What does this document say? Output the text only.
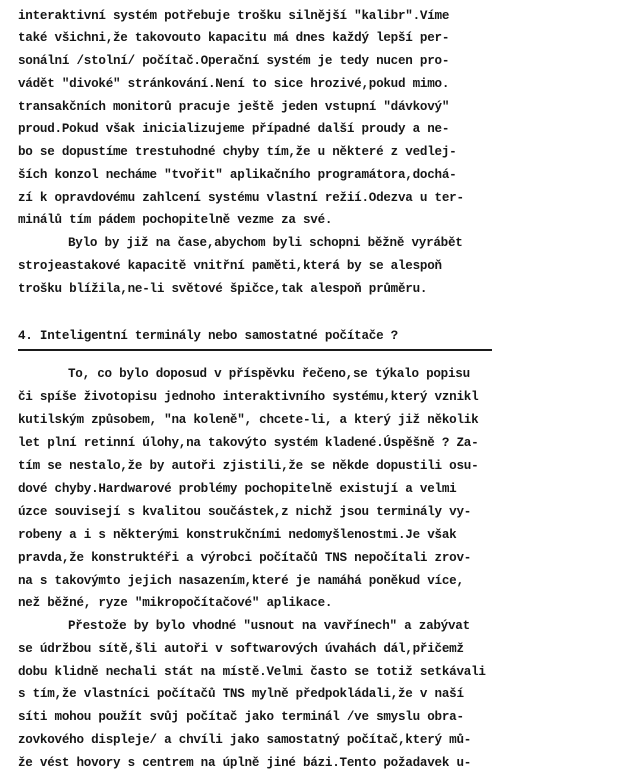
interaktivní systém potřebuje trošku silnější "kalibr".Víme
také všichni,že takovouto kapacitu má dnes každý lepší per-
sonální /stolní/ počítač.Operační systém je tedy nucen pro-
vádět "divoké" stránkování.Není to sice hrozivé,pokud mimo.
transakčních monitorů pracuje ještě jeden vstupní "dávkový"
proud.Pokud však inicializujeme případné další proudy a ne-
bo se dopustíme trestuhodné chyby tím,že u některé z vedlej-
ších konzol necháme "tvořit" aplikačního programátora,dochá-
zí k opravdovému zahlcení systému vlastní režií.Odezva u ter-
minálů tím pádem pochopitelně vezme za své.
Bylo by již na čase,abychom byli schopni běžně vyrábět
strojeastakové kapacitě vnitřní paměti,která by se alespoň
trošku blížila,ne-li světové špičce,tak alespoň průměru.
4. Inteligentní terminály nebo samostatné počítače ?
To, co bylo doposud v příspěvku řečeno,se týkalo popisu
či spíše životopisu jednoho interaktivního systému,který vznikl
kutilským způsobem, "na koleně", chcete-li, a který již několik
let plní retinní úlohy,na takovýto systém kladené.Úspěšně ? Za-
tím se nestalo,že by autoři zjistili,že se někde dopustili osu-
dové chyby.Hardwarové problémy pochopitelně existují a velmi
úzce souvisejí s kvalitou součástek,z nichž jsou terminály vy-
robeny a i s některými konstrukčními nedomyšlenostmi.Je však
pravda,že konstruktéři a výrobci počítačů TNS nepočítali zrov-
na s takovýmto jejich nasazením,které je namáhá poněkud více,
než běžné, ryze "mikropočítačové" aplikace.
Přestože by bylo vhodné "usnout na vavřínech" a zabývat
se údržbou sítě,šli autoři v softwarových úvahách dál,přičemž
dobu klidně nechali stát na místě.Velmi často se totiž setkávali
s tím,že vlastníci počítačů TNS mylně předpokládali,že v naší
síti mohou použít svůj počítač jako terminál /ve smyslu obra-
zovkového displeje/ a chvíli jako samostatný počítač,který mů-
že vést hovory s centrem na úplně jiné bázi.Tento požadavek u-
